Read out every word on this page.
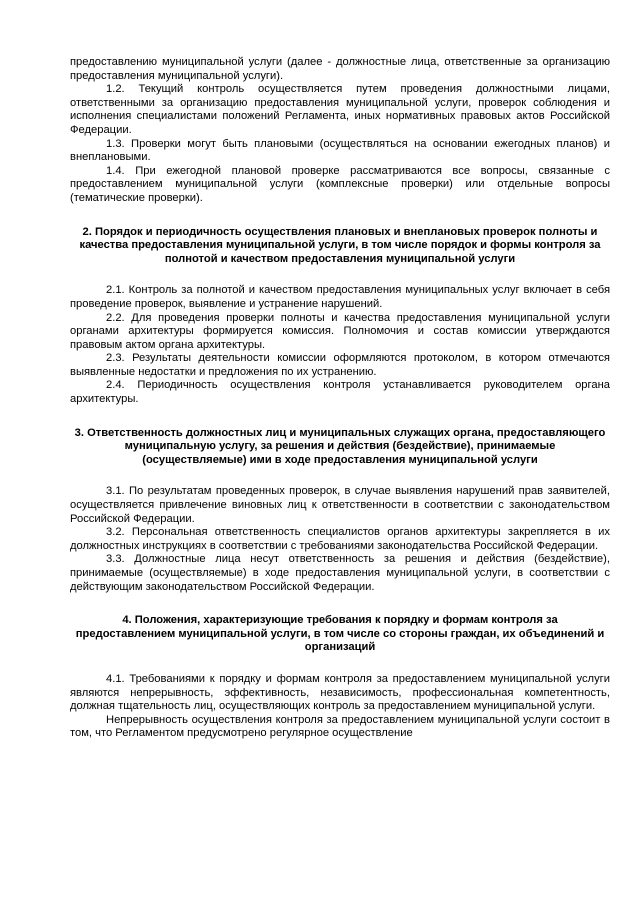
предоставлению муниципальной услуги (далее - должностные лица, ответственные за организацию предоставления муниципальной услуги).

1.2. Текущий контроль осуществляется путем проведения должностными лицами, ответственными за организацию предоставления муниципальной услуги, проверок соблюдения и исполнения специалистами положений Регламента, иных нормативных правовых актов Российской Федерации.

1.3. Проверки могут быть плановыми (осуществляться на основании ежегодных планов) и внеплановыми.

1.4. При ежегодной плановой проверке рассматриваются все вопросы, связанные с предоставлением муниципальной услуги (комплексные проверки) или отдельные вопросы (тематические проверки).

2. Порядок и периодичность осуществления плановых и внеплановых проверок полноты и качества предоставления муниципальной услуги, в том числе порядок и формы контроля за полнотой и качеством предоставления муниципальной услуги

2.1. Контроль за полнотой и качеством предоставления муниципальных услуг включает в себя проведение проверок, выявление и устранение нарушений.

2.2. Для проведения проверки полноты и качества предоставления муниципальной услуги органами архитектуры формируется комиссия. Полномочия и состав комиссии утверждаются правовым актом органа архитектуры.

2.3. Результаты деятельности комиссии оформляются протоколом, в котором отмечаются выявленные недостатки и предложения по их устранению.

2.4. Периодичность осуществления контроля устанавливается руководителем органа архитектуры.

3. Ответственность должностных лиц и муниципальных служащих органа, предоставляющего муниципальную услугу, за решения и действия (бездействие), принимаемые (осуществляемые) ими в ходе предоставления муниципальной услуги

3.1. По результатам проведенных проверок, в случае выявления нарушений прав заявителей, осуществляется привлечение виновных лиц к ответственности в соответствии с законодательством Российской Федерации.

3.2. Персональная ответственность специалистов органов архитектуры закрепляется в их должностных инструкциях в соответствии с требованиями законодательства Российской Федерации.

3.3. Должностные лица несут ответственность за решения и действия (бездействие), принимаемые (осуществляемые) в ходе предоставления муниципальной услуги, в соответствии с действующим законодательством Российской Федерации.

4. Положения, характеризующие требования к порядку и формам контроля за предоставлением муниципальной услуги, в том числе со стороны граждан, их объединений и организаций

4.1. Требованиями к порядку и формам контроля за предоставлением муниципальной услуги являются непрерывность, эффективность, независимость, профессиональная компетентность, должная тщательность лиц, осуществляющих контроль за предоставлением муниципальной услуги.

Непрерывность осуществления контроля за предоставлением муниципальной услуги состоит в том, что Регламентом предусмотрено регулярное осуществление
